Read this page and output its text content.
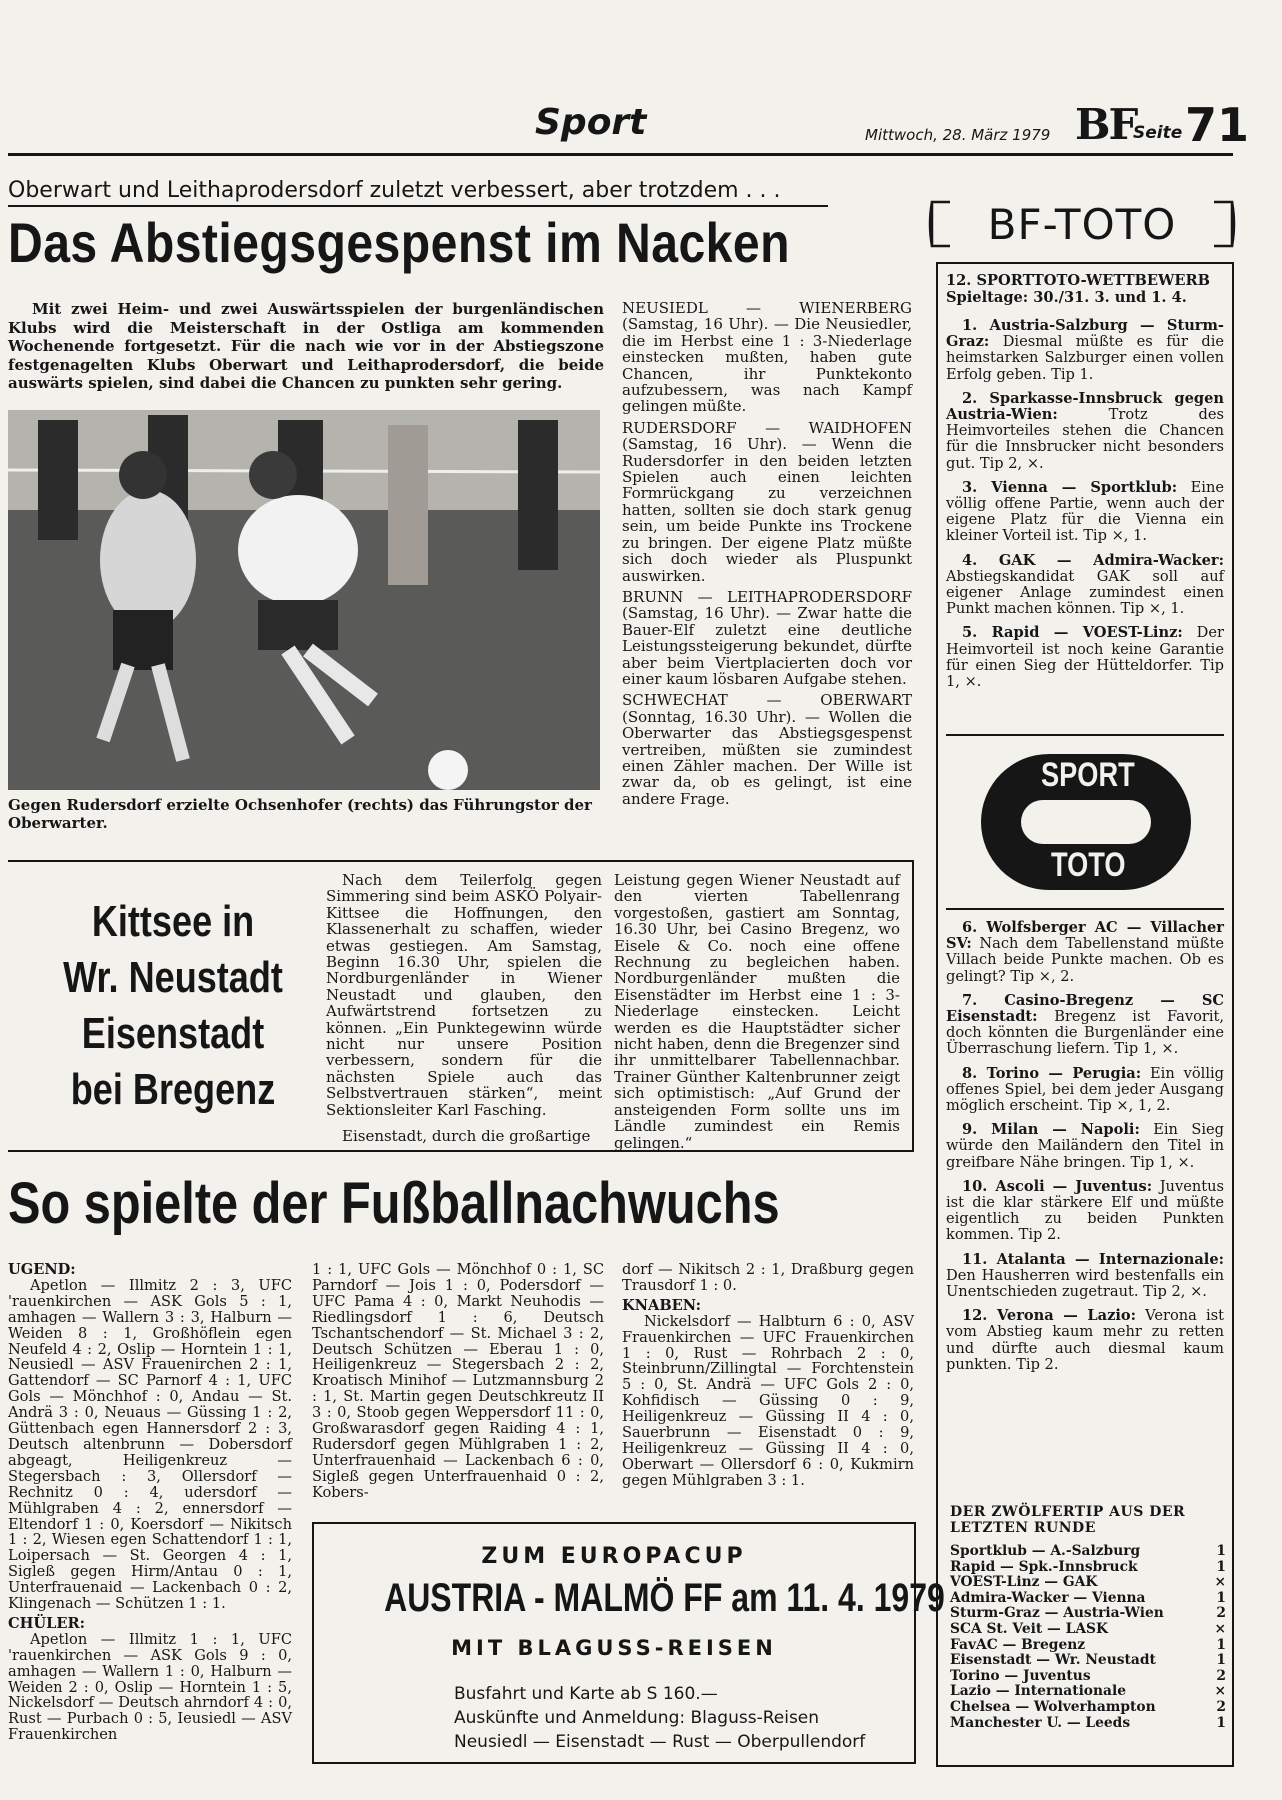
Sport	Mittwoch, 28. März 1979 BF
Seite 71
Oberwart und Leithaprodersdorf zuletzt verbessert, aber trotzdem . . .
Das Abstiegsgespenst im Nacken
Mit zwei Heim- und zwei Auswärtsspielen der burgenländischen Klubs wird die Meisterschaft in der Ostliga am kommenden Wochenende fortgesetzt. Für die nach wie vor in der Abstiegszone festgenagelten Klubs Oberwart und Leithaprodersdorf, die beide auswärts spielen, sind dabei die Chancen zu punkten sehr gering.
Gegen Rudersdorf erzielte Ochsenhofer (rechts) das Führungstor der Oberwarter.

NEUSIEDL — WIENERBERG (Samstag, 16 Uhr). — Die Neusiedler, die im Herbst eine 1 : 3-Niederlage einstecken mußten, haben gute Chancen, ihr Punktekonto aufzubessern, was nach Kampf gelingen müßte.

RUDERSDORF — WAIDHOFEN (Samstag, 16 Uhr). — Wenn die Rudersdorfer in den beiden letzten Spielen auch einen leichten Formrückgang zu verzeichnen hatten, sollten sie doch stark genug sein, um beide Punkte ins Trockene zu bringen. Der eigene Platz müßte sich doch wieder als Pluspunkt auswirken.

BRUNN — LEITHAPRODERSDORF (Samstag, 16 Uhr). — Zwar hatte die Bauer-Elf zuletzt eine deutliche Leistungssteigerung bekundet, dürfte aber beim Viertplacierten doch vor einer kaum lösbaren Aufgabe stehen.

SCHWECHAT — OBERWART (Sonntag, 16.30 Uhr). — Wollen die Oberwarter das Abstiegsgespenst vertreiben, müßten sie zumindest einen Zähler machen. Der Wille ist zwar da, ob es gelingt, ist eine andere Frage.

Kittsee in
Wr. Neustadt
Eisenstadt
bei Bregenz
Nach dem Teilerfolg gegen Simmering sind beim ASKÖ Polyair-Kittsee die Hoffnungen, den Klassenerhalt zu schaffen, wieder etwas gestiegen. Am Samstag, Beginn 16.30 Uhr, spielen die Nordburgenländer in Wiener Neustadt und glauben, den Aufwärtstrend fortsetzen zu können. „Ein Punktegewinn würde nicht nur unsere Position verbessern, sondern für die nächsten Spiele auch das Selbstvertrauen stärken“, meint Sektionsleiter Karl Fasching.
Eisenstadt, durch die großartige
Leistung gegen Wiener Neustadt auf den vierten Tabellenrang vorgestoßen, gastiert am Sonntag, 16.30 Uhr, bei Casino Bregenz, wo Eisele & Co. noch eine offene Rechnung zu begleichen haben. Nordburgenländer mußten die Eisenstädter im Herbst eine 1 : 3-Niederlage einstecken. Leicht werden es die Hauptstädter sicher nicht haben, denn die Bregenzer sind ihr unmittelbarer Tabellennachbar. Trainer Günther Kaltenbrunner zeigt sich optimistisch: „Auf Grund der ansteigenden Form sollte uns im Ländle zumindest ein Remis gelingen.“
So spielte der Fußballnachwuchs
UGEND:
Apetlon — Illmitz 2 : 3, UFC 'rauenkirchen — ASK Gols 5 : 1, amhagen — Wallern 3 : 3, Halburn — Weiden 8 : 1, Großhöflein egen Neufeld 4 : 2, Oslip — Horntein 1 : 1, Neusiedl — ASV Frauenirchen 2 : 1, Gattendorf — SC Parnorf 4 : 1, UFC Gols — Mönchhof : 0, Andau — St. Andrä 3 : 0, Neuaus — Güssing 1 : 2, Güttenbach egen Hannersdorf 2 : 3, Deutsch altenbrunn — Dobersdorf abgeagt, Heiligenkreuz — Stegersbach : 3, Ollersdorf — Rechnitz 0 : 4, udersdorf — Mühlgraben 4 : 2, ennersdorf — Eltendorf 1 : 0, Koersdorf — Nikitsch 1 : 2, Wiesen egen Schattendorf 1 : 1, Loipersach — St. Georgen 4 : 1, Sigleß gegen Hirm/Antau 0 : 1, Unterfrauenaid — Lackenbach 0 : 2, Klingenach — Schützen 1 : 1.
CHÜLER:
Apetlon — Illmitz 1 : 1, UFC 'rauenkirchen — ASK Gols 9 : 0, amhagen — Wallern 1 : 0, Halburn — Weiden 2 : 0, Oslip — Horntein 1 : 5, Nickelsdorf — Deutsch ahrndorf 4 : 0, Rust — Purbach 0 : 5, Ieusiedl — ASV Frauenkirchen
1 : 1, UFC Gols — Mönchhof 0 : 1, SC Parndorf — Jois 1 : 0, Podersdorf — UFC Pama 4 : 0, Markt Neuhodis — Riedlingsdorf 1 : 6, Deutsch Tschantschendorf — St. Michael 3 : 2, Deutsch Schützen — Eberau 1 : 0, Heiligenkreuz — Stegersbach 2 : 2, Kroatisch Minihof — Lutzmannsburg 2 : 1, St. Martin gegen Deutschkreutz II 3 : 0, Stoob gegen Weppersdorf 11 : 0, Großwarasdorf gegen Raiding 4 : 1, Rudersdorf gegen Mühlgraben 1 : 2, Unterfrauenhaid — Lackenbach 6 : 0, Sigleß gegen Unterfrauenhaid 0 : 2, Kobers-
dorf — Nikitsch 2 : 1, Draßburg gegen Trausdorf 1 : 0.
KNABEN:
Nickelsdorf — Halbturn 6 : 0, ASV Frauenkirchen — UFC Frauenkirchen 1 : 0, Rust — Rohrbach 2 : 0, Steinbrunn/Zillingtal — Forchtenstein 5 : 0, St. Andrä — UFC Gols 2 : 0, Kohfidisch — Güssing 0 : 9, Heiligenkreuz — Güssing II 4 : 0, Sauerbrunn — Eisenstadt 0 : 9, Heiligenkreuz — Güssing II 4 : 0, Oberwart — Ollersdorf 6 : 0, Kukmirn gegen Mühlgraben 3 : 1.
ZUM EUROPACUP
AUSTRIA - MALMÖ FF am 11. 4. 1979
MIT BLAGUSS-REISEN
Busfahrt und Karte ab S 160.—
Auskünfte und Anmeldung: Blaguss-Reisen
Neusiedl — Eisenstadt — Rust — Oberpullendorf
BF-TOTO
12. SPORTTOTO-WETTBEWERB
Spieltage: 30./31. 3. und 1. 4.
1. Austria-Salzburg — Sturm-Graz: Diesmal müßte es für die heimstarken Salzburger einen vollen Erfolg geben. Tip 1.
2. Sparkasse-Innsbruck gegen Austria-Wien:	Trotz des Heimvorteiles stehen die Chancen für die Innsbrucker nicht besonders gut. Tip 2, ×.
3. Vienna — Sportklub: Eine völlig offene Partie, wenn auch der eigene Platz für die Vienna ein kleiner Vorteil ist. Tip ×, 1.
4. GAK — Admira-Wacker: Abstiegskandidat GAK soll auf eigener Anlage zumindest einen Punkt machen können. Tip ×, 1.
5. Rapid — VOEST-Linz: Der Heimvorteil ist noch keine Garantie für einen Sieg der Hütteldorfer. Tip 1, ×.
SPORT
TOTO
6. Wolfsberger AC — Villacher SV: Nach dem Tabellenstand müßte Villach beide Punkte machen. Ob es gelingt? Tip ×, 2.
7. Casino-Bregenz — SC Eisenstadt: Bregenz ist Favorit, doch könnten die Burgenländer eine Überraschung liefern. Tip 1, ×.
8. Torino — Perugia: Ein völlig offenes Spiel, bei dem jeder Ausgang möglich erscheint. Tip ×, 1, 2.
9. Milan — Napoli: Ein Sieg würde den Mailändern den Titel in greifbare Nähe bringen. Tip 1, ×.
10. Ascoli — Juventus: Juventus ist die klar stärkere Elf und müßte eigentlich zu beiden Punkten kommen. Tip 2.
11. Atalanta — Internazionale: Den Hausherren wird bestenfalls ein Unentschieden zugetraut. Tip 2, ×.
12. Verona — Lazio: Verona ist vom Abstieg kaum mehr zu retten und dürfte auch diesmal kaum punkten. Tip 2.
DER ZWÖLFERTIP AUS DER LETZTEN RUNDE
Sportklub — A.-Salzburg	1
Rapid — Spk.-Innsbruck	1
VOEST-Linz — GAK	×
Admira-Wacker — Vienna	1
Sturm-Graz — Austria-Wien	2
SCA St. Veit — LASK	×
FavAC — Bregenz	1
Eisenstadt — Wr. Neustadt	1
Torino — Juventus	2
Lazio — Internationale	×
Chelsea — Wolverhampton	2
Manchester U. — Leeds	1
